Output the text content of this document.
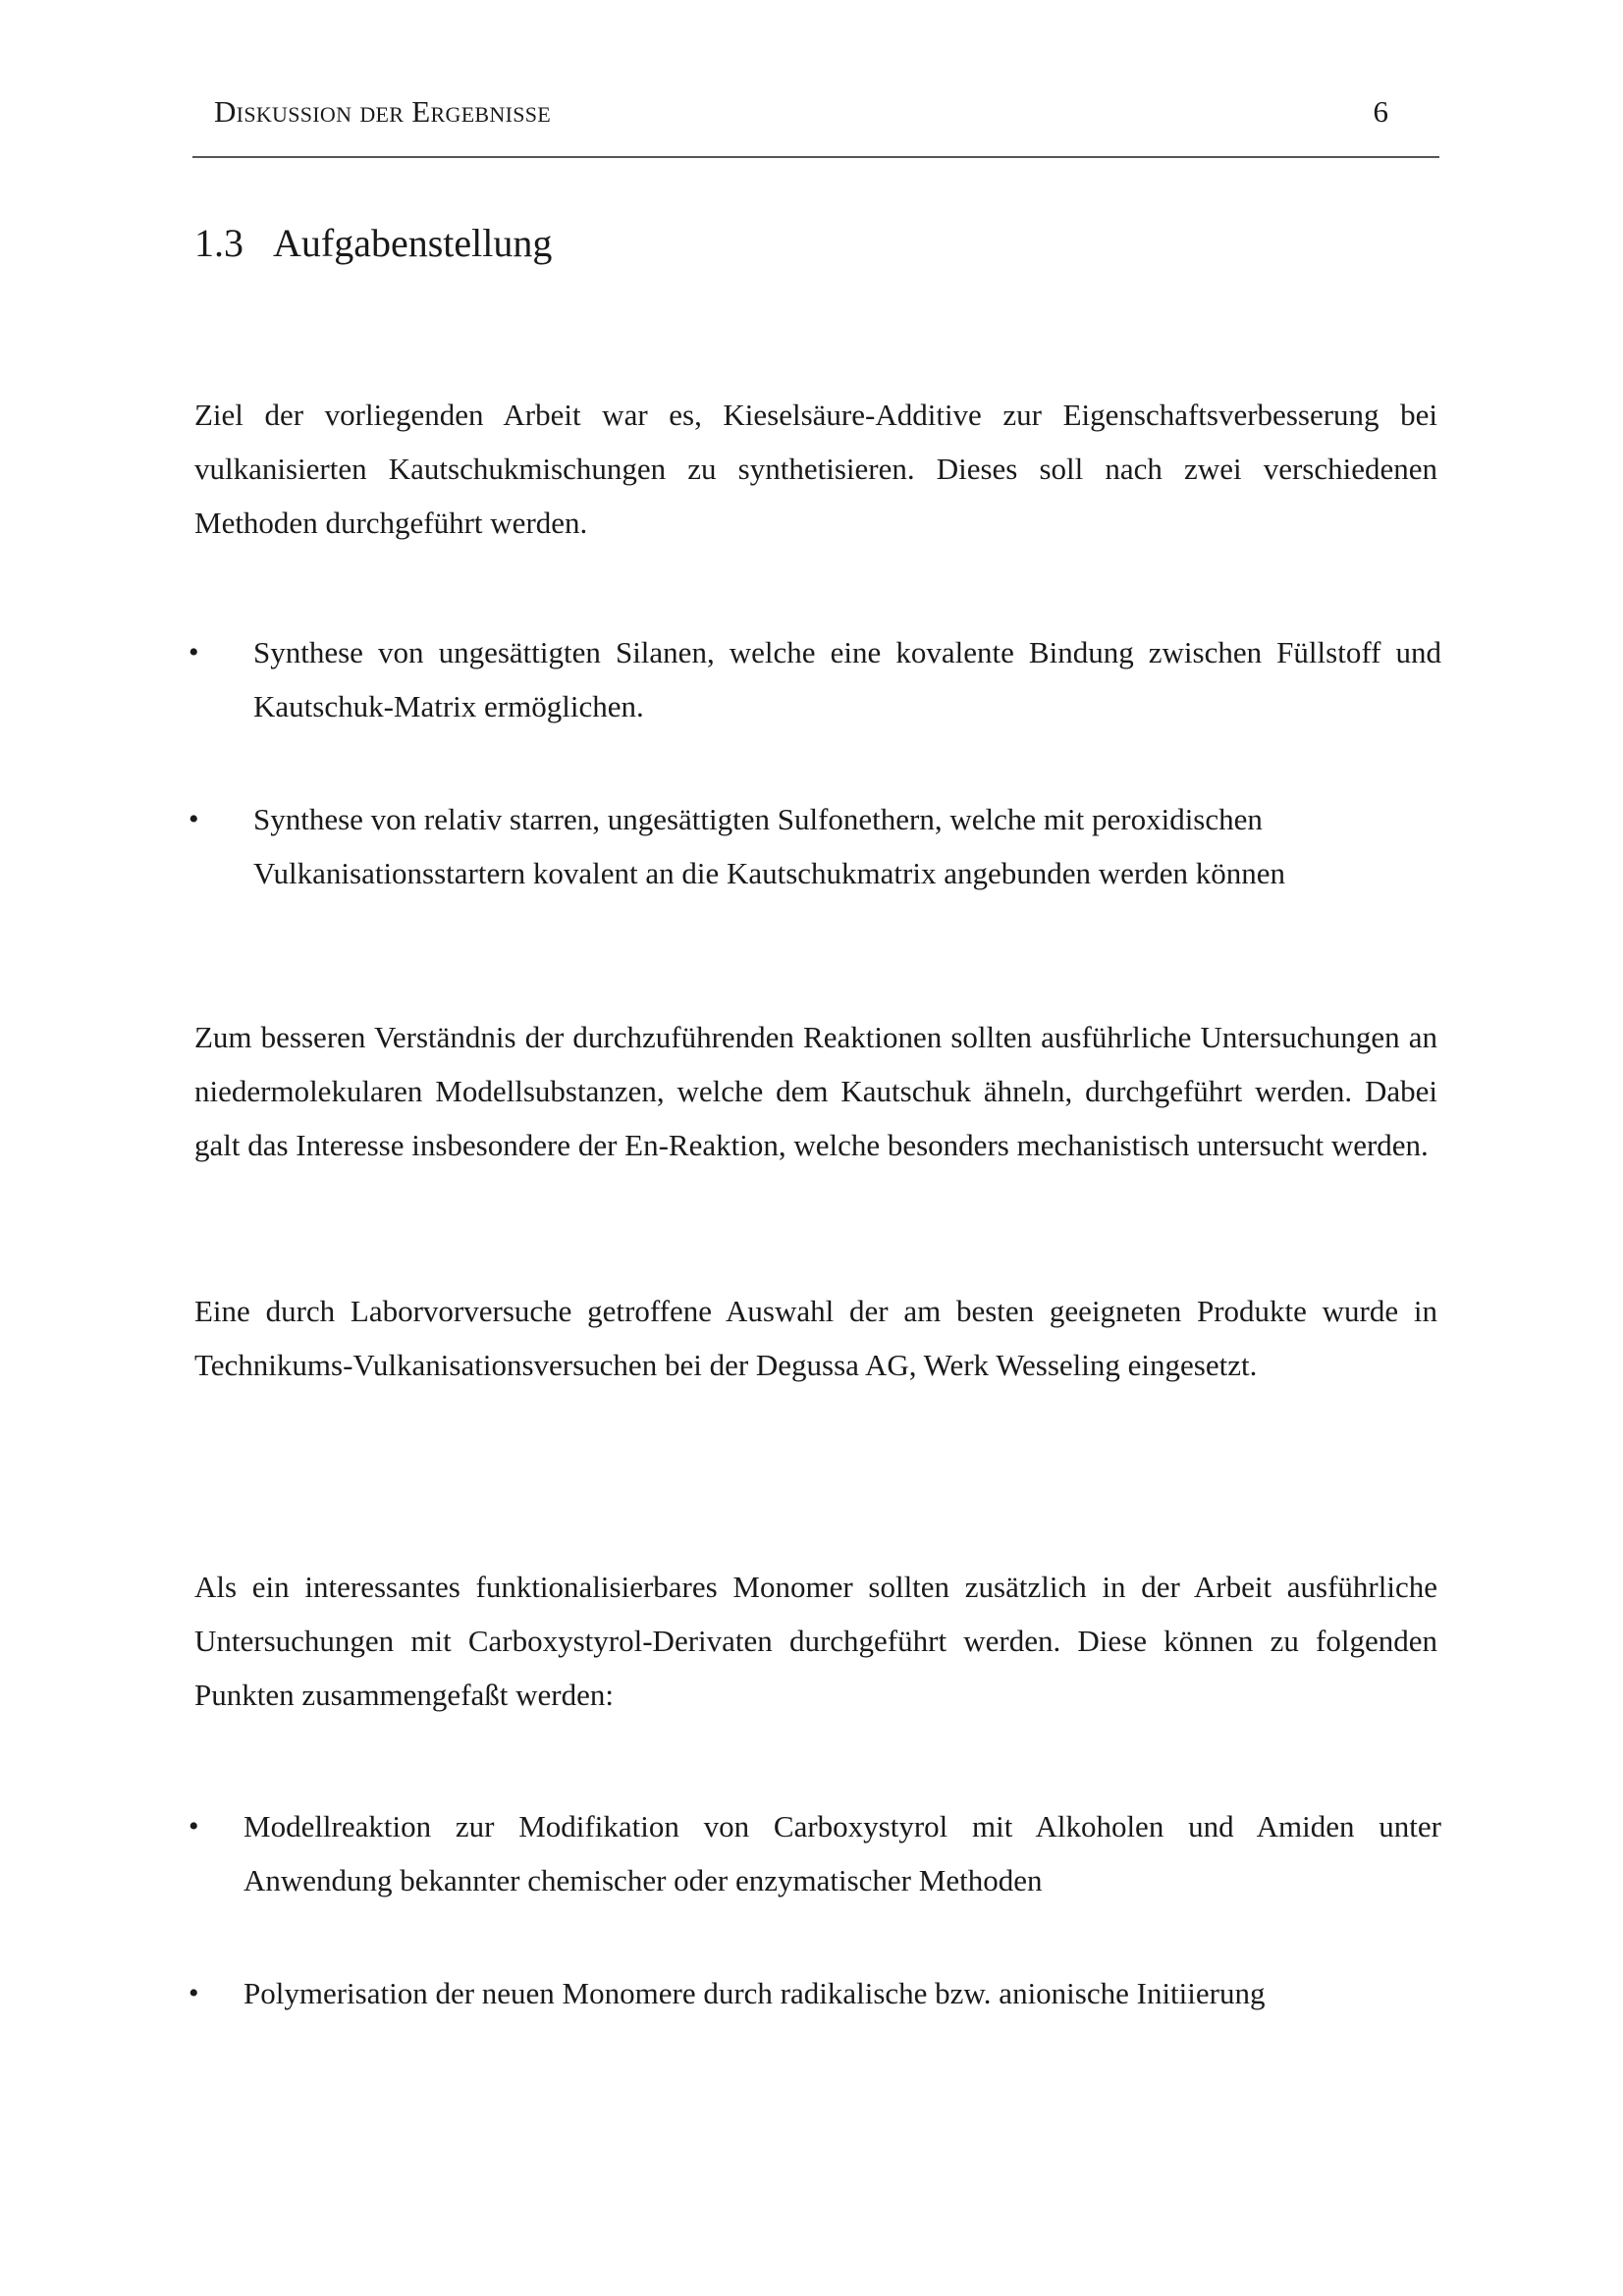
Diskussion der Ergebnisse	6
1.3 Aufgabenstellung

Ziel der vorliegenden Arbeit war es, Kieselsäure-Additive zur Eigenschaftsverbesserung bei vulkanisierten Kautschukmischungen zu synthetisieren. Dieses soll nach zwei verschiedenen Methoden durchgeführt werden.

• Synthese von ungesättigten Silanen, welche eine kovalente Bindung zwischen Füllstoff und Kautschuk-Matrix ermöglichen.
• Synthese von relativ starren, ungesättigten Sulfonethern, welche mit peroxidischen Vulkanisationsstartern kovalent an die Kautschukmatrix angebunden werden können

Zum besseren Verständnis der durchzuführenden Reaktionen sollten ausführliche Untersuchungen an niedermolekularen Modellsubstanzen, welche dem Kautschuk ähneln, durchgeführt werden. Dabei galt das Interesse insbesondere der En-Reaktion, welche besonders mechanistisch untersucht werden.

Eine durch Laborvorversuche getroffene Auswahl der am besten geeigneten Produkte wurde in Technikums-Vulkanisationsversuchen bei der Degussa AG, Werk Wesseling eingesetzt.

Als ein interessantes funktionalisierbares Monomer sollten zusätzlich in der Arbeit ausführliche Untersuchungen mit Carboxystyrol-Derivaten durchgeführt werden. Diese können zu folgenden Punkten zusammengefaßt werden:

• Modellreaktion zur Modifikation von Carboxystyrol mit Alkoholen und Amiden unter Anwendung bekannter chemischer oder enzymatischer Methoden
• Polymerisation der neuen Monomere durch radikalische bzw. anionische Initiierung
